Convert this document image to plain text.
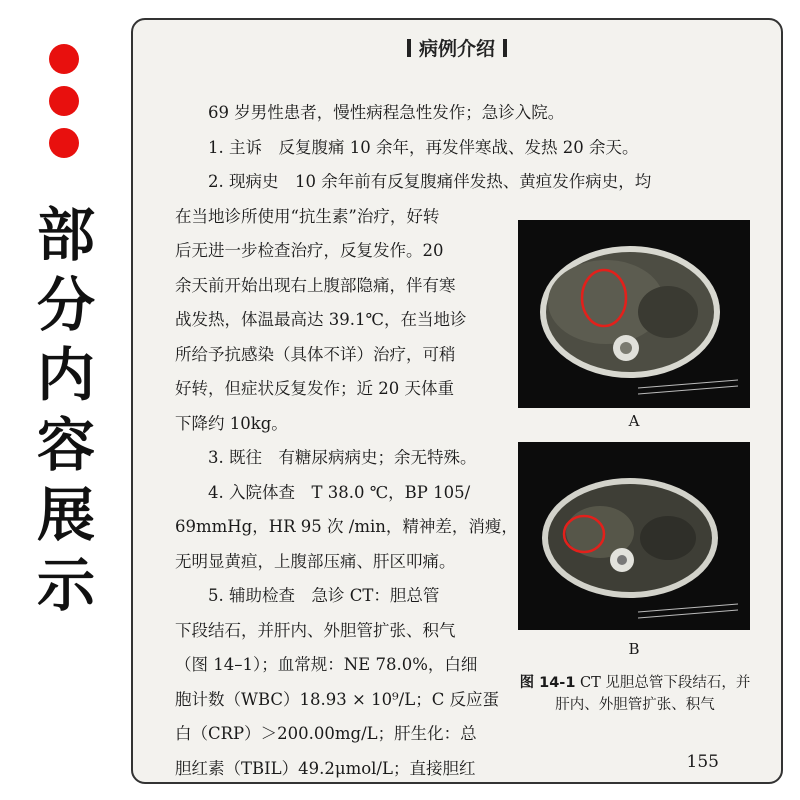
部
分
内
容
展
示
病例介绍
69 岁男性患者，慢性病程急性发作；急诊入院。
1. 主诉　反复腹痛 10 余年，再发伴寒战、发热 20 余天。
2. 现病史　10 余年前有反复腹痛伴发热、黄疸发作病史，均
在当地诊所使用“抗生素”治疗，好转
后无进一步检查治疗，反复发作。20
余天前开始出现右上腹部隐痛，伴有寒
战发热，体温最高达 39.1℃，在当地诊
所给予抗感染（具体不详）治疗，可稍
好转，但症状反复发作；近 20 天体重
下降约 10kg。
3. 既往　有糖尿病病史；余无特殊。
4. 入院体查　T 38.0 ℃，BP 105/
69mmHg，HR 95 次 /min，精神差，消瘦，
无明显黄疸，上腹部压痛、肝区叩痛。
5. 辅助检查　急诊 CT：胆总管
下段结石，并肝内、外胆管扩张、积气
（图 14–1）；血常规：NE 78.0%，白细
胞计数（WBC）18.93 × 10⁹/L；C 反应蛋
白（CRP）＞200.00mg/L；肝生化：总
胆红素（TBIL）49.2μmol/L；直接胆红
A
B
图 14-1 CT 见胆总管下段结石，并肝内、外胆管扩张、积气
155
